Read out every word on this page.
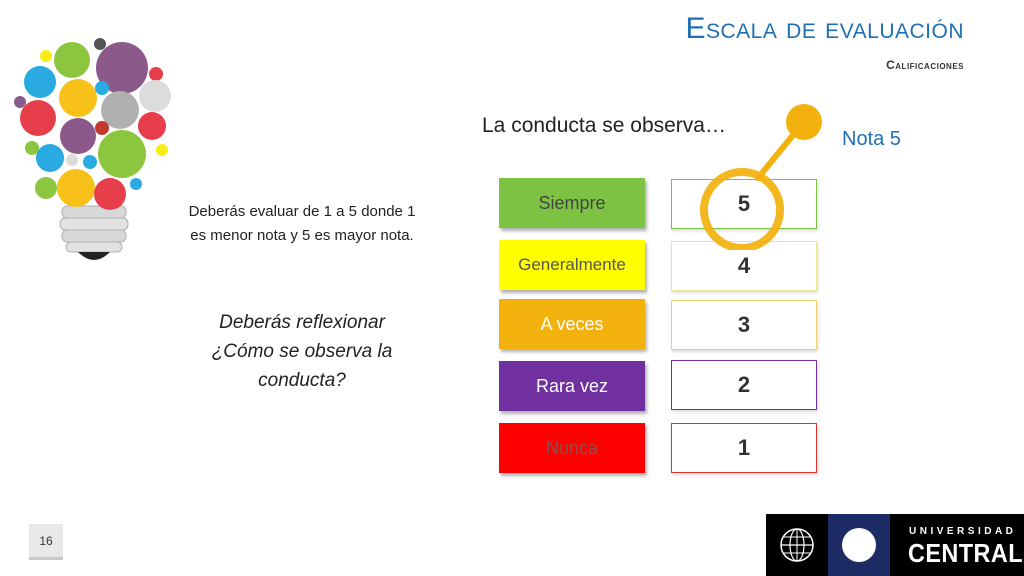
Escala de evaluación
Calificaciones
Deberás evaluar de 1 a 5 donde 1 es menor nota y 5 es mayor nota.
Deberás reflexionar ¿Cómo se observa la conducta?
La conducta se observa…
Nota 5
Siempre
Generalmente
A veces
Rara vez
Nunca
5
4
3
2
1
16
UNIVERSIDAD
CENTRAL
